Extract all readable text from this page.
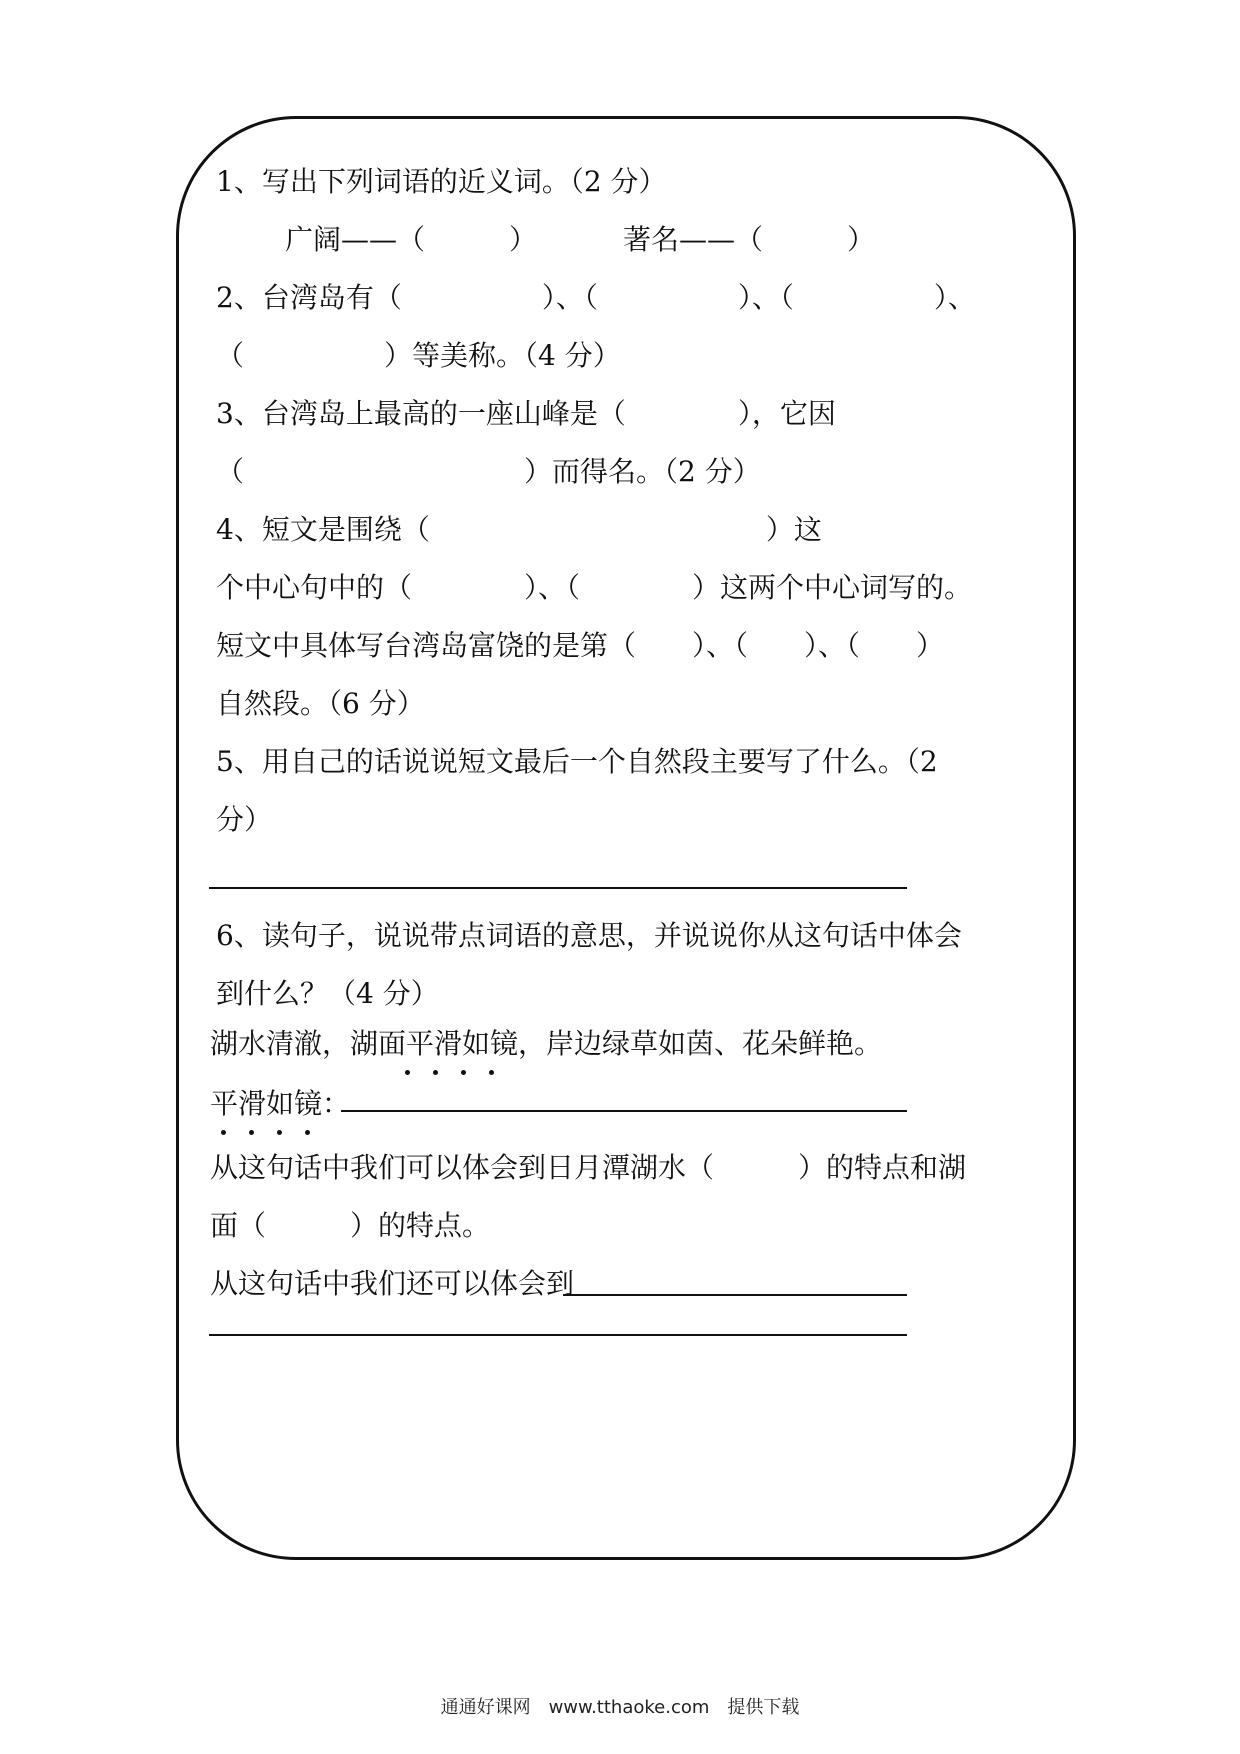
1、写出下列词语的近义词。（2 分）
广阔——（　　　）	著名——（　　　）
2、台湾岛有（　　　　　）、（　　　　　）、（　　　　　）、
（　　　　　）等美称。（4 分）
3、台湾岛上最高的一座山峰是（　　　　），它因
（　　　　　　　　　　）而得名。（2 分）
4、短文是围绕（　　　　　　　　　　　　）这
个中心句中的（　　　　）、（　　　　）这两个中心词写的。
短文中具体写台湾岛富饶的是第（　　）、（　　）、（　　）
自然段。（6 分）
5、用自己的话说说短文最后一个自然段主要写了什么。（2
分）
6、读句子，说说带点词语的意思，并说说你从这句话中体会
到什么？（4 分）
湖水清澈，湖面平滑如镜，岸边绿草如茵、花朵鲜艳。
平滑如镜：
从这句话中我们可以体会到日月潭湖水（　　　）的特点和湖
面（　　　）的特点。
从这句话中我们还可以体会到
通通好课网　www.tthaoke.com　提供下载
